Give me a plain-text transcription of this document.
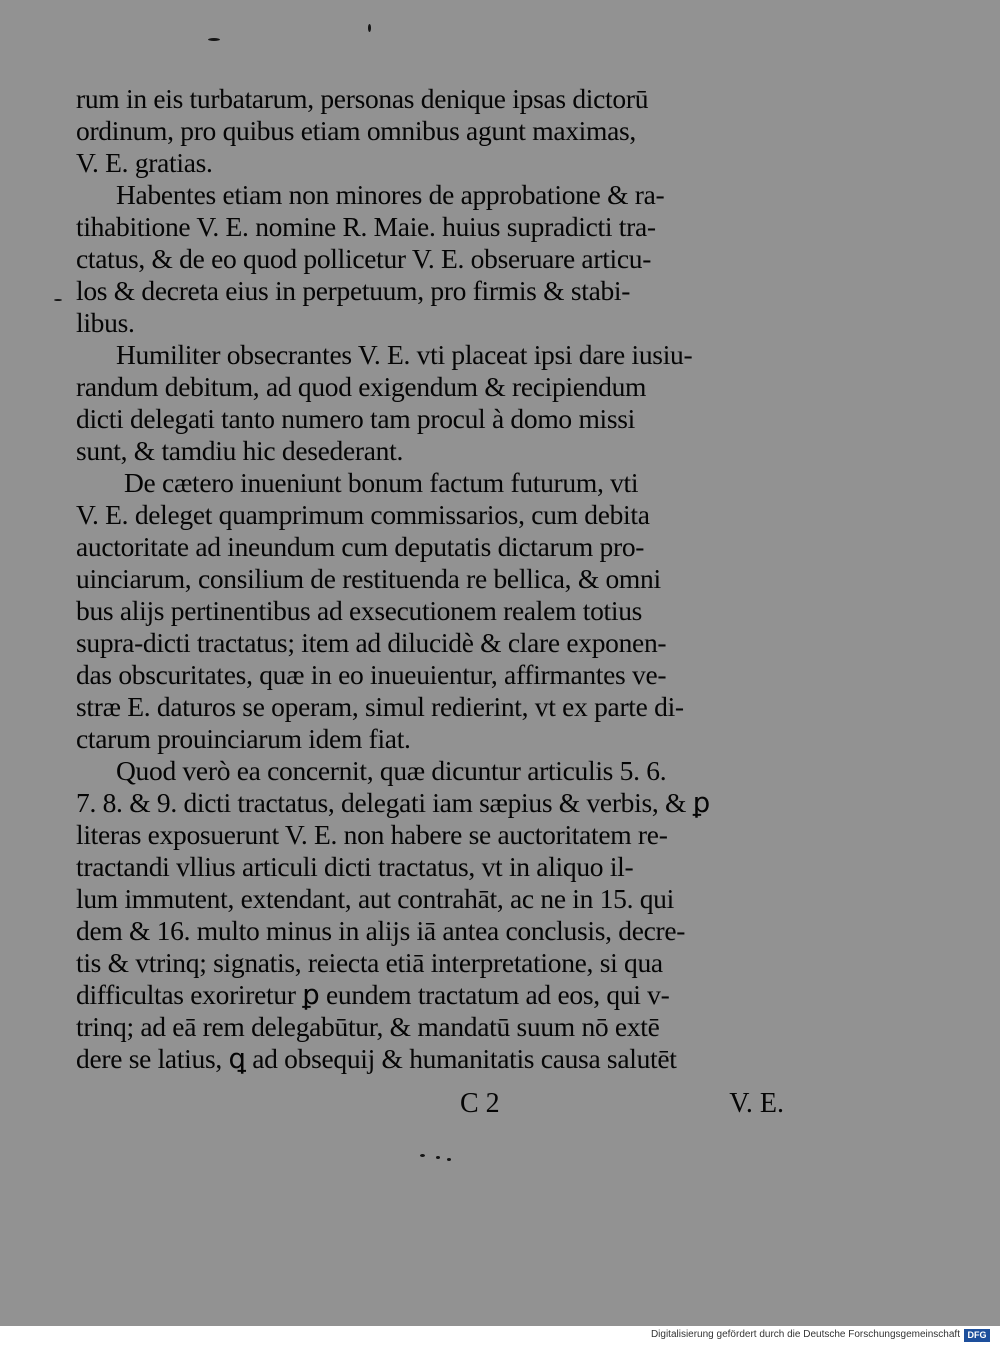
rum in eis turbatarum, personas denique ipsas dictorū
ordinum, pro quibus etiam omnibus agunt maximas,
V. E. gratias.
Habentes etiam non minores de approbatione & ra-
tihabitione V. E. nomine R. Maie. huius supradicti tra-
ctatus, & de eo quod pollicetur V. E. obseruare articu-
los & decreta eius in perpetuum, pro firmis & stabi-
libus.
Humiliter obsecrantes V. E. vti placeat ipsi dare iusiu-
randum debitum, ad quod exigendum & recipiendum
dicti delegati tanto numero tam procul à domo missi
sunt, & tamdiu hic desederant.
De cætero inueniunt bonum factum futurum, vti
V. E. deleget quamprimum commissarios, cum debita
auctoritate ad ineundum cum deputatis dictarum pro-
uinciarum, consilium de restituenda re bellica, & omni
bus alijs pertinentibus ad exsecutionem realem totius
supra-dicti tractatus; item ad dilucidè & clare exponen-
das obscuritates, quæ in eo inueuientur, affirmantes ve-
stræ E. daturos se operam, simul redierint, vt ex parte di-
ctarum prouinciarum idem fiat.
Quod verò ea concernit, quæ dicuntur articulis 5. 6.
7. 8. & 9. dicti tractatus, delegati iam sæpius & verbis, & ꝑ
literas exposuerunt V. E. non habere se auctoritatem re-
tractandi vllius articuli dicti tractatus, vt in aliquo il-
lum immutent, extendant, aut contrahāt, ac ne in 15. qui
dem & 16. multo minus in alijs iā antea conclusis, decre-
tis & vtrinq; signatis, reiecta etiā interpretatione, si qua
difficultas exoriretur ꝑ eundem tractatum ad eos, qui v-
trinq; ad eā rem delegabūtur, & mandatū suum nō extē
dere se latius, ꝗ ad obsequij & humanitatis causa salutēt
C 2	V. E.
Digitalisierung gefördert durch die Deutsche Forschungsgemeinschaft DFG
